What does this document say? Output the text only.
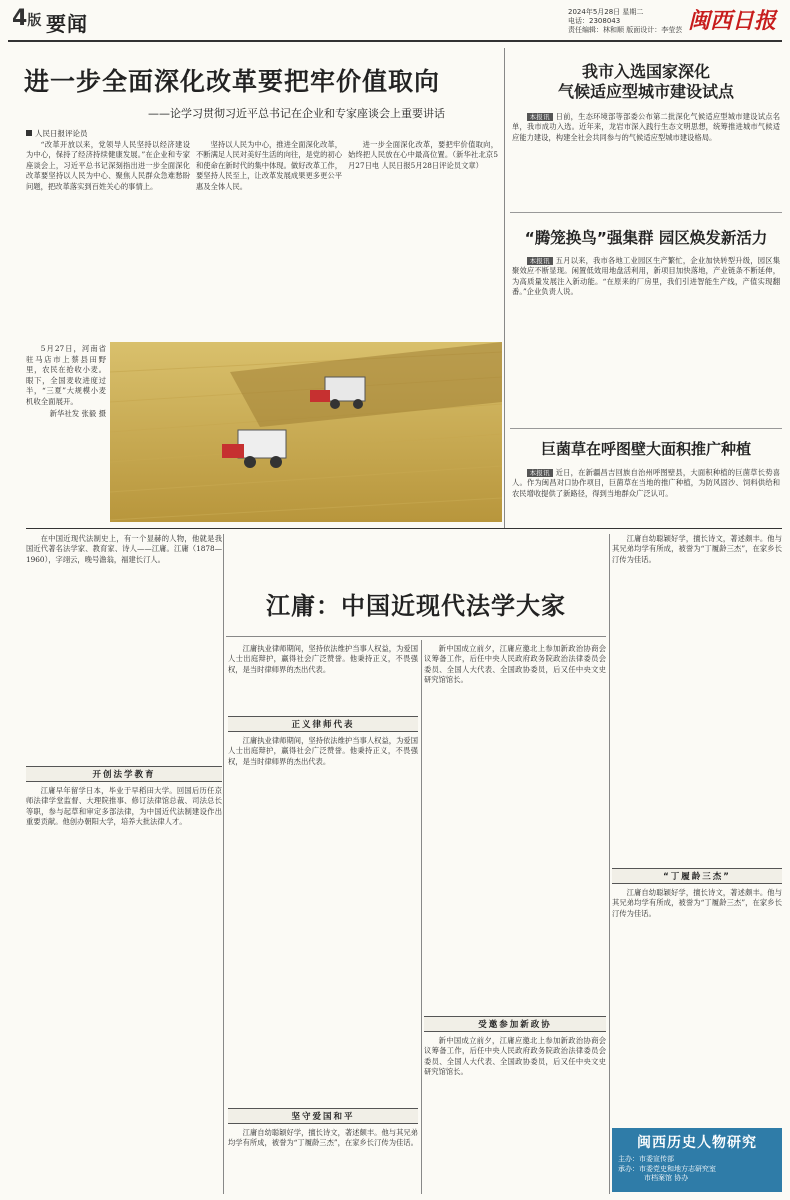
4版 要闻	2024年5月28日 星期二
电话：2308043
责任编辑：林和顺 版面设计：李莹芸 闽西日报
进一步全面深化改革要把牢价值取向
——论学习贯彻习近平总书记在企业和专家座谈会上重要讲话
人民日报评论员

“改革开放以来，党领导人民坚持以经济建设为中心，保持了经济持续健康发展。”在企业和专家座谈会上，习近平总书记深刻指出进一步全面深化改革要坚持以人民为中心、聚焦人民群众急难愁盼问题，把改革落实到百姓关心的事情上。

坚持以人民为中心，推进全面深化改革，不断满足人民对美好生活的向往，是党的初心和使命在新时代的集中体现。做好改革工作，要坚持人民至上，让改革发展成果更多更公平惠及全体人民。

进一步全面深化改革，要把牢价值取向，始终把人民放在心中最高位置。（新华社北京5月27日电 人民日报5月28日评论员文章）

我市入选国家深化
气候适应型城市建设试点

本报讯 日前，生态环境部等部委公布第二批深化气候适应型城市建设试点名单，我市成功入选。近年来，龙岩市深入践行生态文明思想，统筹推进城市气候适应能力建设，构建全社会共同参与的气候适应型城市建设格局。

“腾笼换鸟”强集群 园区焕发新活力

本报讯 五月以来，我市各地工业园区生产繁忙，企业加快转型升级，园区集聚效应不断显现。闲置低效用地盘活利用，新项目加快落地，产业链条不断延伸，为高质量发展注入新动能。“在原来的厂房里，我们引进智能生产线，产值实现翻番。”企业负责人说。

巨菌草在呼图壁大面积推广种植

本报讯 近日，在新疆昌吉回族自治州呼图壁县，大面积种植的巨菌草长势喜人。作为闽昌对口协作项目，巨菌草在当地的推广种植，为防风固沙、饲料供给和农民增收提供了新路径，得到当地群众广泛认可。

5月27日，河南省驻马店市上蔡县田野里，农民在抢收小麦。眼下，全国麦收进度过半，“三夏”大规模小麦机收全面展开。

新华社发 张毅 摄

在中国近现代法制史上，有一个显赫的人物，他就是我国近代著名法学家、教育家、诗人——江庸。江庸（1878—1960），字翊云，晚号澹翁，福建长汀人。

江庸：中国近现代法学大家
开创法学教育

江庸早年留学日本，毕业于早稻田大学。回国后历任京师法律学堂监督、大理院推事、修订法律馆总裁、司法总长等职，参与起草和审定多部法律，为中国近代法制建设作出重要贡献。他创办朝阳大学，培养大批法律人才。

江庸执业律师期间，坚持依法维护当事人权益，为爱国人士出庭辩护，赢得社会广泛赞誉。他秉持正义，不畏强权，是当时律师界的杰出代表。

正义律师代表

江庸执业律师期间，坚持依法维护当事人权益，为爱国人士出庭辩护，赢得社会广泛赞誉。他秉持正义，不畏强权，是当时律师界的杰出代表。

坚守爱国和平

江庸自幼聪颖好学，擅长诗文，著述颇丰。他与其兄弟均学有所成，被誉为“丁履龄三杰”，在家乡长汀传为佳话。

新中国成立前夕，江庸应邀北上参加新政治协商会议筹备工作，后任中央人民政府政务院政治法律委员会委员、全国人大代表、全国政协委员，后又任中央文史研究馆馆长。

受邀参加新政协

新中国成立前夕，江庸应邀北上参加新政治协商会议筹备工作，后任中央人民政府政务院政治法律委员会委员、全国人大代表、全国政协委员，后又任中央文史研究馆馆长。

江庸自幼聪颖好学，擅长诗文，著述颇丰。他与其兄弟均学有所成，被誉为“丁履龄三杰”，在家乡长汀传为佳话。

“丁履龄三杰”

江庸自幼聪颖好学，擅长诗文，著述颇丰。他与其兄弟均学有所成，被誉为“丁履龄三杰”，在家乡长汀传为佳话。

闽西历史人物研究
主办：市委宣传部
承办：市委党史和地方志研究室
市档案馆 协办
